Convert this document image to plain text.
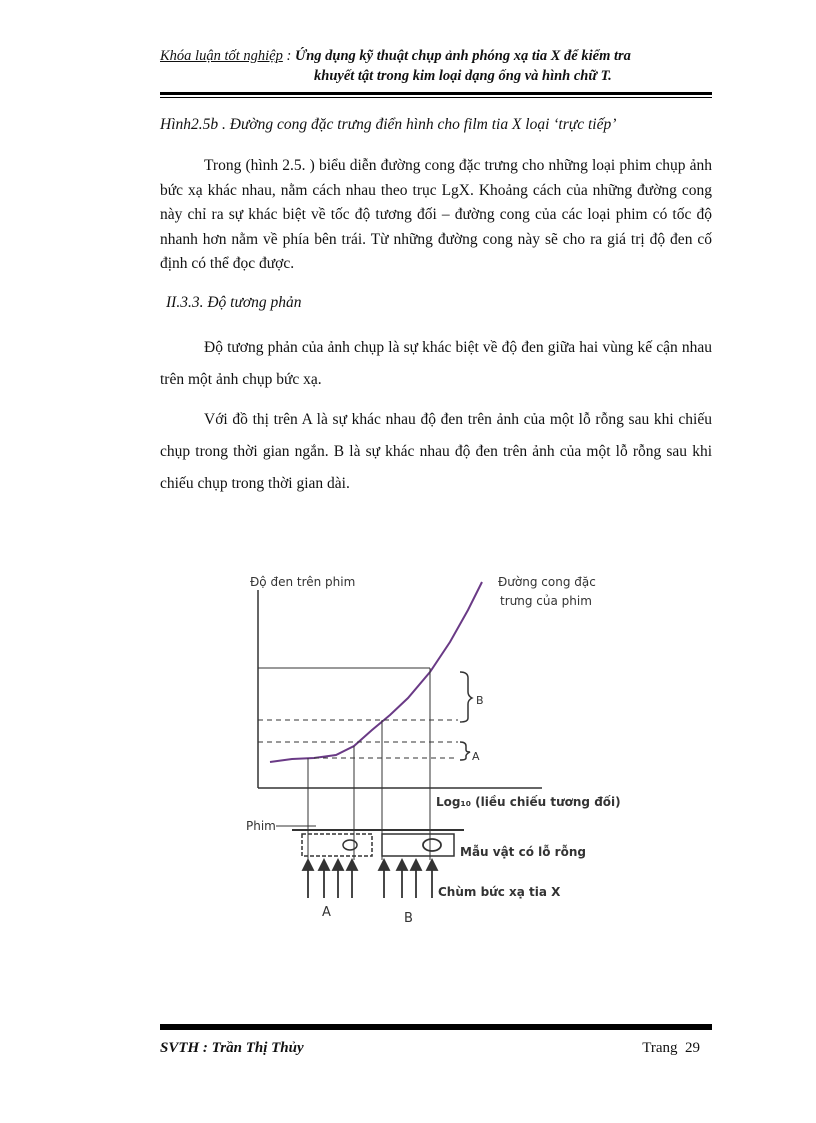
Khóa luận tốt nghiệp : Ứng dụng kỹ thuật chụp ảnh phóng xạ tia X để kiểm tra
khuyết tật trong kim loại dạng ống và hình chữ T.
Hình2.5b . Đường cong đặc trưng điển hình cho film tia X loại ‘trực tiếp’
Trong (hình 2.5. ) biểu diễn đường cong đặc trưng cho những loại phim chụp ảnh bức xạ khác nhau, nằm cách nhau theo trục LgX. Khoảng cách của những đường cong này chỉ ra sự khác biệt về tốc độ tương đối – đường cong của các loại phim có tốc độ nhanh hơn nằm về phía bên trái. Từ những đường cong này sẽ cho ra giá trị độ đen cố định có thể đọc được.
II.3.3. Độ tương phản
Độ tương phản của ảnh chụp là sự khác biệt về độ đen giữa hai vùng kế cận nhau trên một ảnh chụp bức xạ.
Với đồ thị trên A là sự khác nhau độ đen trên ảnh của một lỗ rỗng sau khi chiếu chụp trong thời gian ngắn. B là sự khác nhau độ đen trên ảnh của một lỗ rỗng sau khi chiếu chụp trong thời gian dài.
B
A
Độ đen trên phim	Đường cong đặc
trưng của phim
Log₁₀ (liều chiếu tương đối)
Phim
Mẫu vật có lỗ rỗng
Chùm bức xạ tia X
A	B
SVTH : Trần Thị Thủy	Trang 29
